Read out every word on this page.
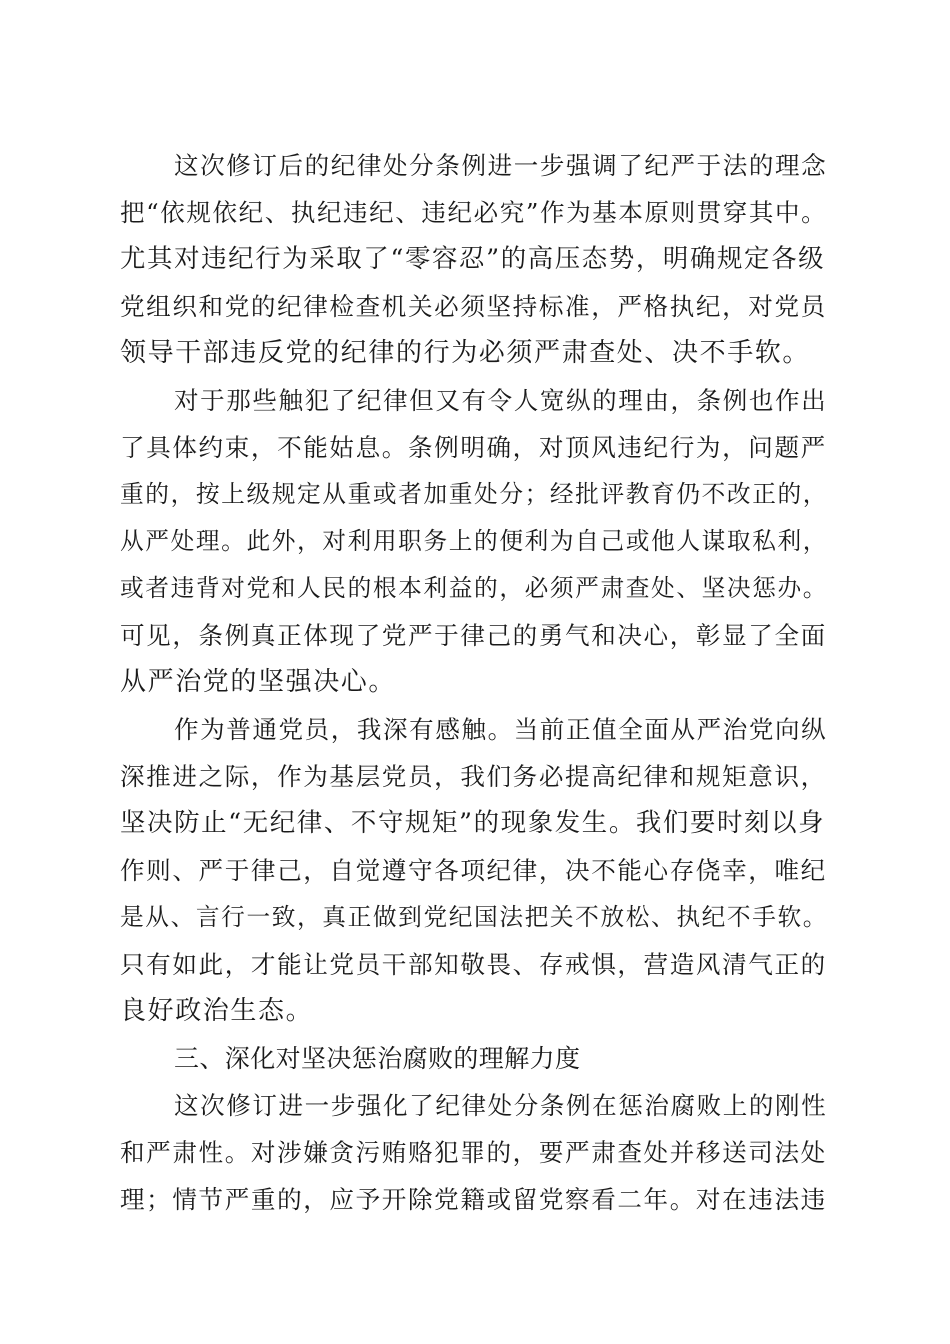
这次修订后的纪律处分条例进一步强调了纪严于法的理念
把“依规依纪、执纪违纪、违纪必究”作为基本原则贯穿其中。
尤其对违纪行为采取了“零容忍”的高压态势，明确规定各级
党组织和党的纪律检查机关必须坚持标准，严格执纪，对党员
领导干部违反党的纪律的行为必须严肃查处、决不手软。
对于那些触犯了纪律但又有令人宽纵的理由，条例也作出
了具体约束，不能姑息。条例明确，对顶风违纪行为，问题严
重的，按上级规定从重或者加重处分；经批评教育仍不改正的，
从严处理。此外，对利用职务上的便利为自己或他人谋取私利，
或者违背对党和人民的根本利益的，必须严肃查处、坚决惩办。
可见，条例真正体现了党严于律己的勇气和决心，彰显了全面
从严治党的坚强决心。
作为普通党员，我深有感触。当前正值全面从严治党向纵
深推进之际，作为基层党员，我们务必提高纪律和规矩意识，
坚决防止“无纪律、不守规矩”的现象发生。我们要时刻以身
作则、严于律己，自觉遵守各项纪律，决不能心存侥幸，唯纪
是从、言行一致，真正做到党纪国法把关不放松、执纪不手软。
只有如此，才能让党员干部知敬畏、存戒惧，营造风清气正的
良好政治生态。
三、深化对坚决惩治腐败的理解力度
这次修订进一步强化了纪律处分条例在惩治腐败上的刚性
和严肃性。对涉嫌贪污贿赂犯罪的，要严肃查处并移送司法处
理；情节严重的，应予开除党籍或留党察看二年。对在违法违
